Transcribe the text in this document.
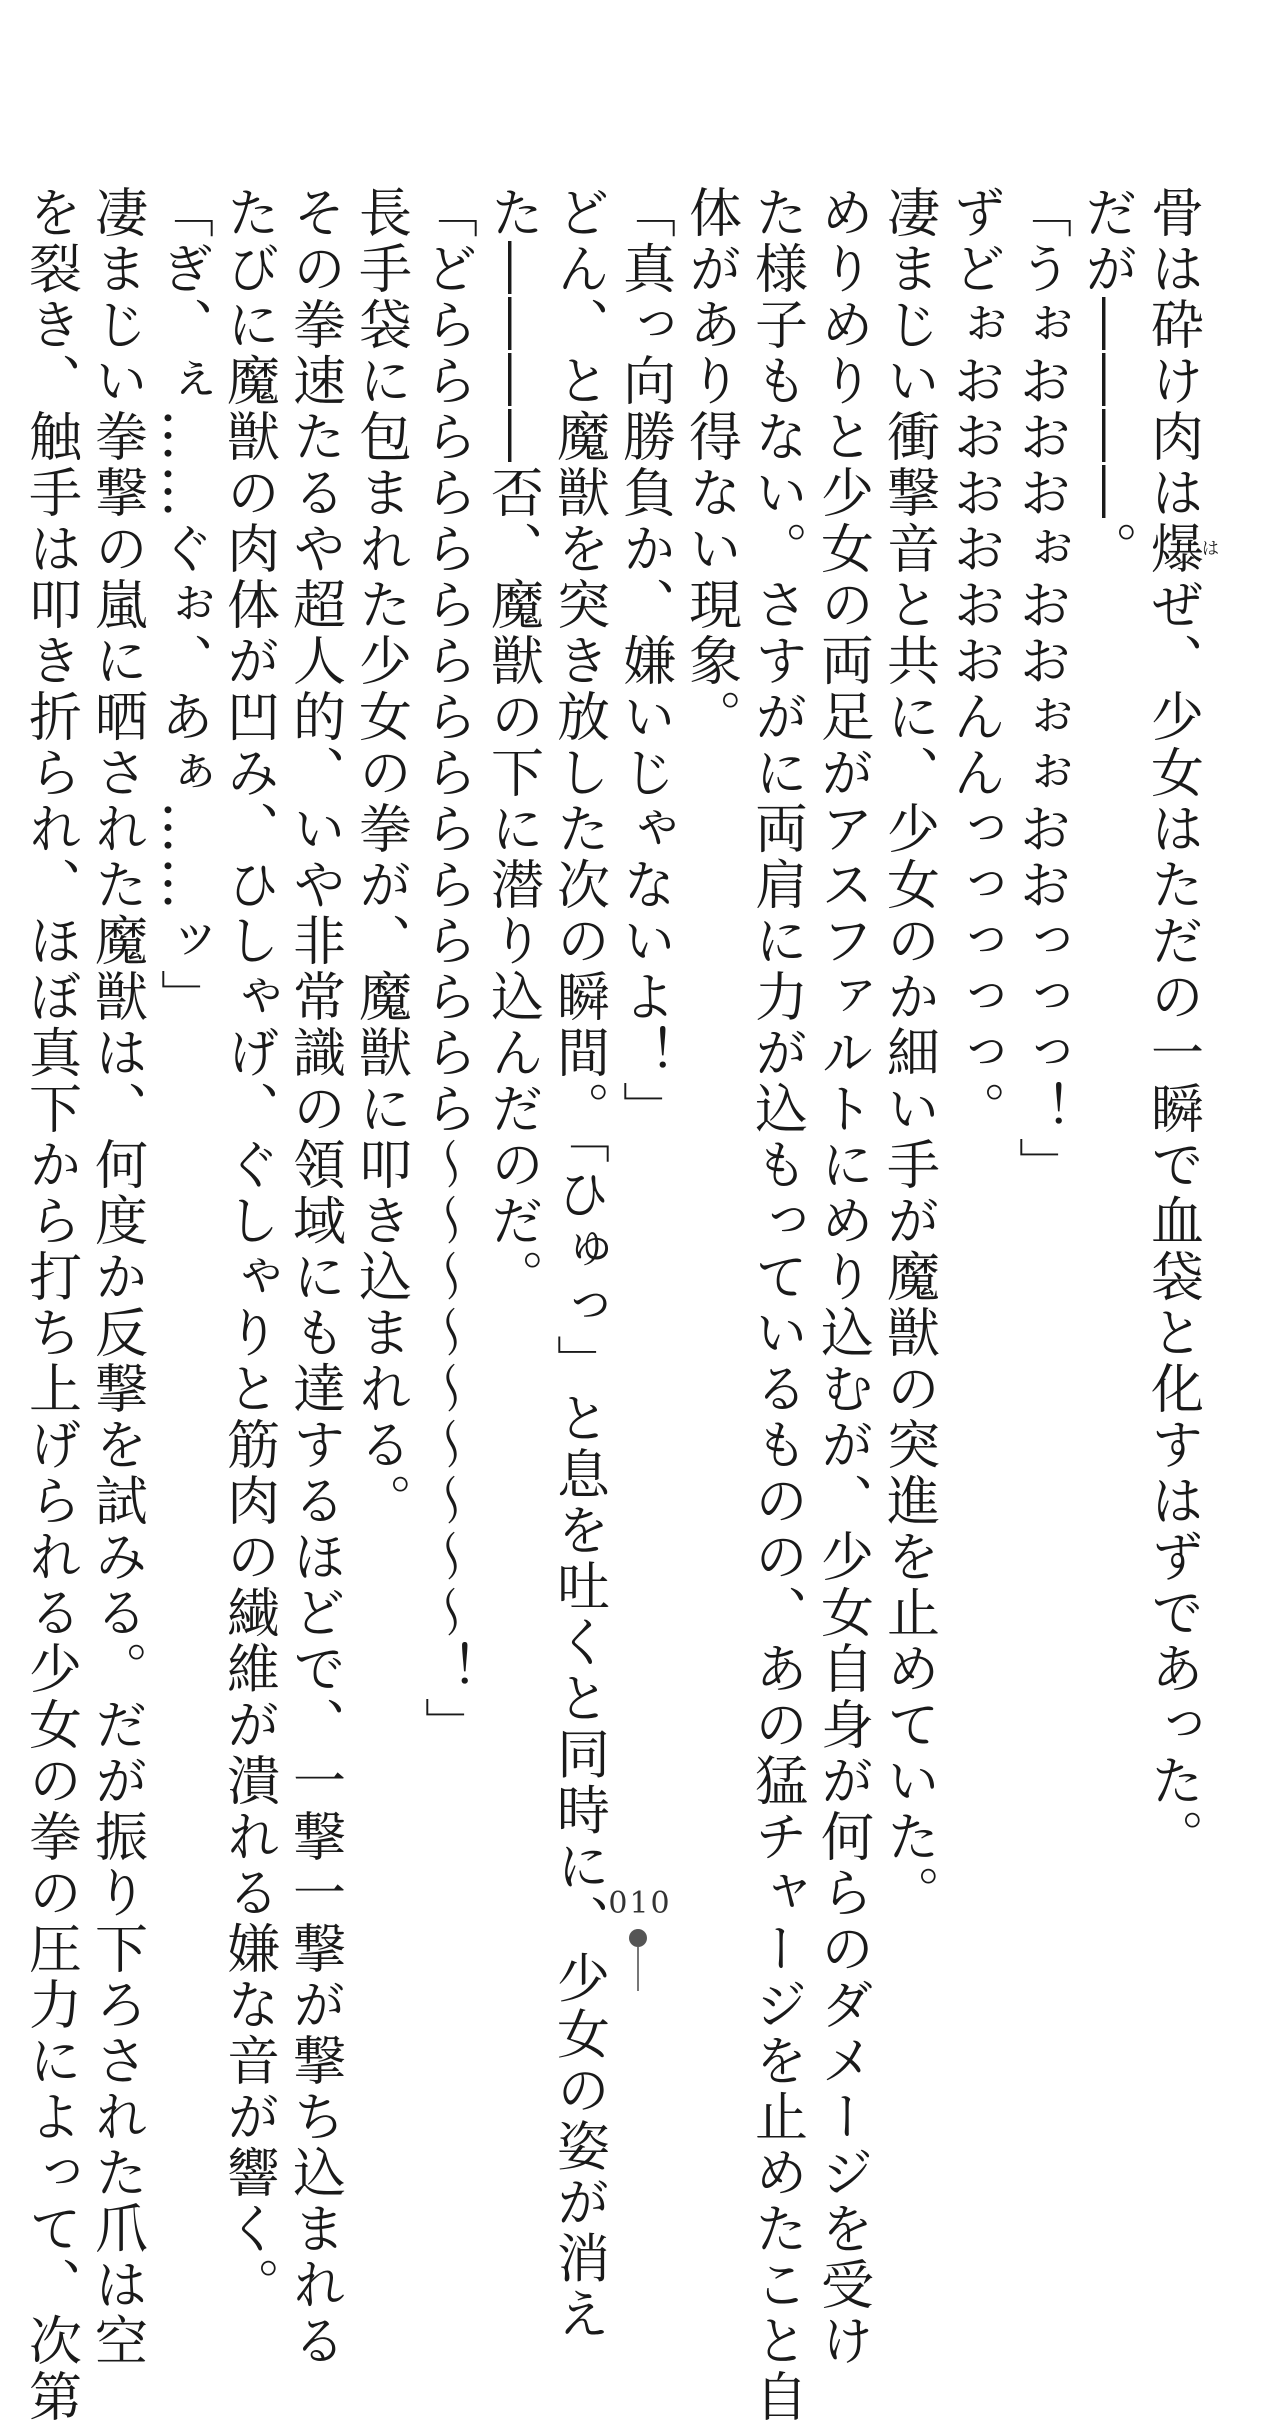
骨は砕け肉は爆はぜ、少女はただの一瞬で血袋と化すはずであった。
だが――――。
「うぉおおおぉおおぉぉおおっっっ！」
ずどぉおおおおおおんんっっっっっ。
凄まじい衝撃音と共に、少女のか細い手が魔獣の突進を止めていた。
めりめりと少女の両足がアスファルトにめり込むが、少女自身が何らのダメージを受け
た様子もない。さすがに両肩に力が込もっているものの、あの猛チャージを止めたこと自
体があり得ない現象。
「真っ向勝負か、嫌いじゃないよ！」
どん、と魔獣を突き放した次の瞬間。「ひゅっ」と息を吐くと同時に、少女の姿が消え
た――――否、魔獣の下に潜り込んだのだ。
「どららららららららららららららら～～～～～～～～～！」
長手袋に包まれた少女の拳が、魔獣に叩き込まれる。
その拳速たるや超人的、いや非常識の領域にも達するほどで、一撃一撃が撃ち込まれる
たびに魔獣の肉体が凹み、ひしゃげ、ぐしゃりと筋肉の繊維が潰れる嫌な音が響く。
「ぎ、ぇ……ぐぉ、あぁ……ッ」
凄まじい拳撃の嵐に晒された魔獣は、何度か反撃を試みる。だが振り下ろされた爪は空
を裂き、触手は叩き折られ、ほぼ真下から打ち上げられる少女の拳の圧力によって、次第	010
